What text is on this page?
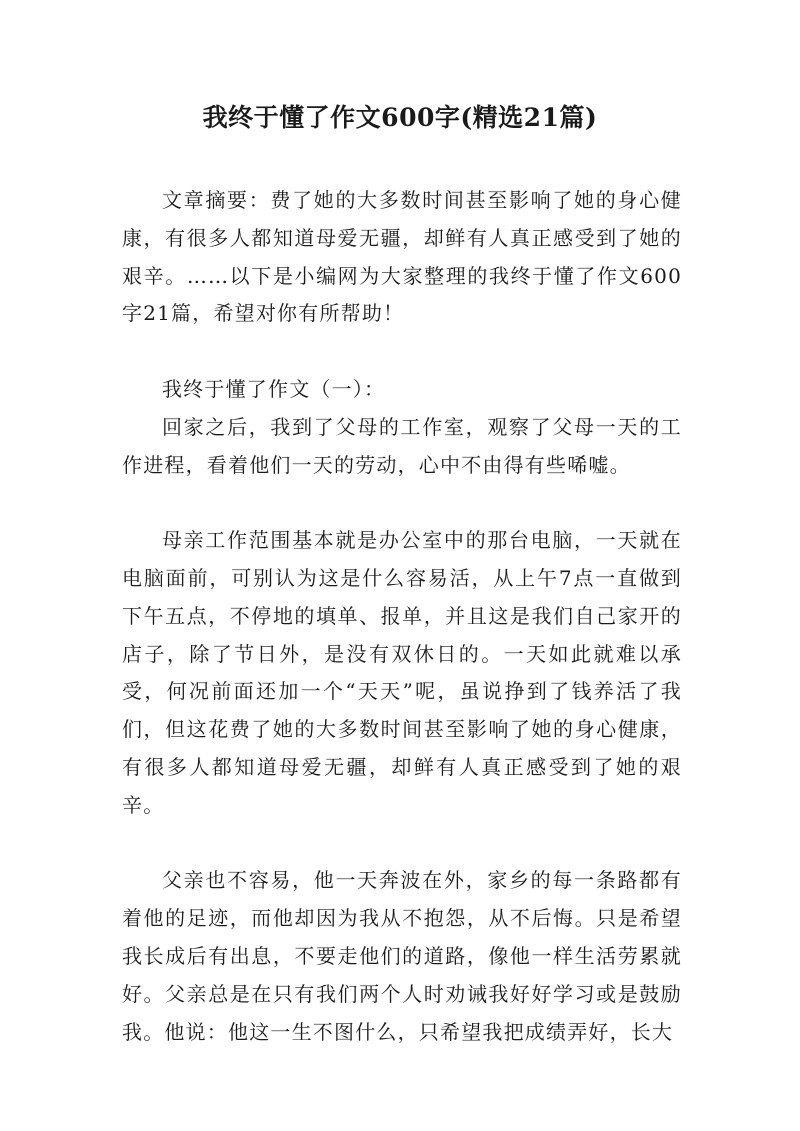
我终于懂了作文600字(精选21篇)

文章摘要：费了她的大多数时间甚至影响了她的身心健康，有很多人都知道母爱无疆，却鲜有人真正感受到了她的艰辛。……以下是小编网为大家整理的我终于懂了作文600字21篇，希望对你有所帮助！

我终于懂了作文（一）：

回家之后，我到了父母的工作室，观察了父母一天的工作进程，看着他们一天的劳动，心中不由得有些唏嘘。

母亲工作范围基本就是办公室中的那台电脑，一天就在电脑面前，可别认为这是什么容易活，从上午7点一直做到下午五点，不停地的填单、报单，并且这是我们自己家开的店子，除了节日外，是没有双休日的。一天如此就难以承受，何况前面还加一个“天天”呢，虽说挣到了钱养活了我们，但这花费了她的大多数时间甚至影响了她的身心健康，有很多人都知道母爱无疆，却鲜有人真正感受到了她的艰辛。

父亲也不容易，他一天奔波在外，家乡的每一条路都有着他的足迹，而他却因为我从不抱怨，从不后悔。只是希望我长成后有出息，不要走他们的道路，像他一样生活劳累就好。父亲总是在只有我们两个人时劝诫我好好学习或是鼓励我。他说：他这一生不图什么，只希望我把成绩弄好，长大
